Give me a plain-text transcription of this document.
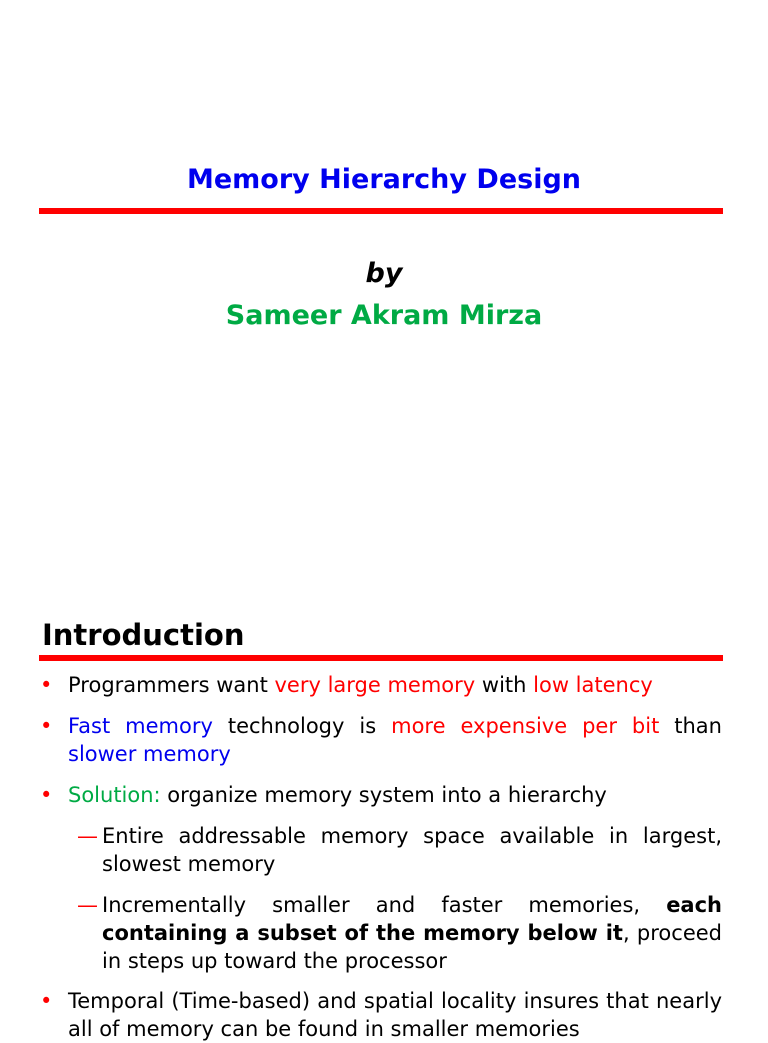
Memory Hierarchy Design
by
Sameer Akram Mirza
Introduction
• Programmers want very large memory with low latency
• Fast memory technology is more expensive per bit than slower memory
• Solution: organize memory system into a hierarchy
— Entire addressable memory space available in largest, slowest memory
— Incrementally smaller and faster memories, each containing a subset of the memory below it, proceed in steps up toward the processor
• Temporal (Time-based) and spatial locality insures that nearly all of memory can be found in smaller memories
